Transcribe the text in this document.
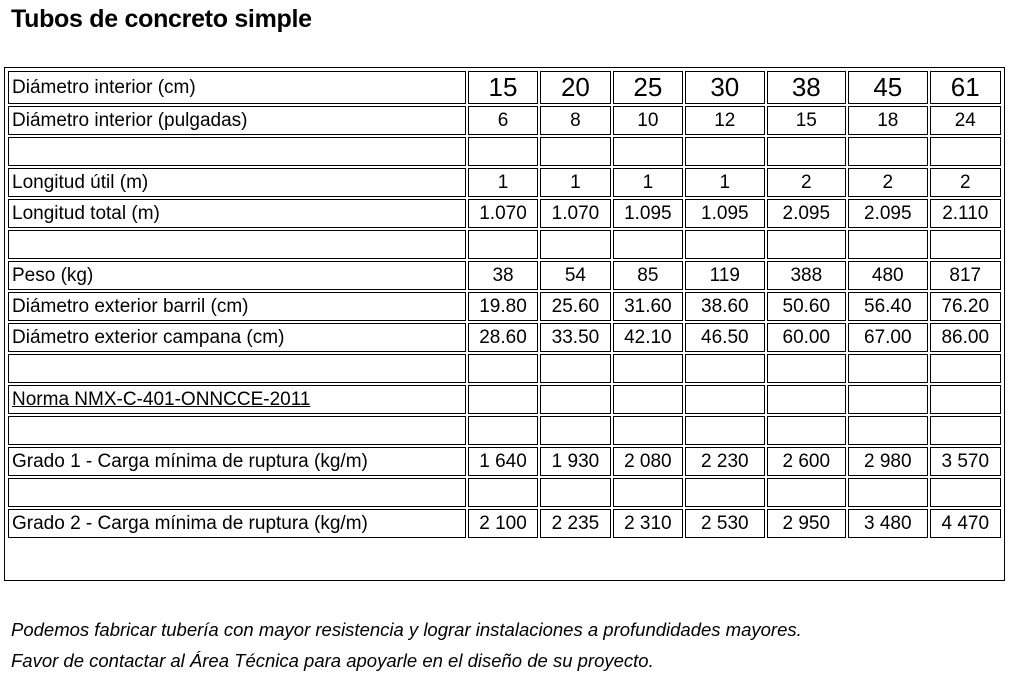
Tubos de concreto simple
Diámetro interior (cm)	15	20	25	30	38	45	61
Diámetro interior (pulgadas)	6	8	10	12	15	18	24

Longitud útil (m)	1	1	1	1	2	2	2
Longitud total (m)	1.070	1.070	1.095	1.095	2.095	2.095	2.110

Peso (kg)	38	54	85	119	388	480	817
Diámetro exterior barril (cm)	19.80	25.60	31.60	38.60	50.60	56.40	76.20
Diámetro exterior campana (cm)	28.60	33.50	42.10	46.50	60.00	67.00	86.00

Norma NMX-C-401-ONNCCE-2011							

Grado 1 - Carga mínima de ruptura (kg/m)	1 640	1 930	2 080	2 230	2 600	2 980	3 570

Grado 2 - Carga mínima de ruptura (kg/m)	2 100	2 235	2 310	2 530	2 950	3 480	4 470

Podemos fabricar tubería con mayor resistencia y lograr instalaciones a profundidades mayores.

Favor de contactar al Área Técnica para apoyarle en el diseño de su proyecto.
